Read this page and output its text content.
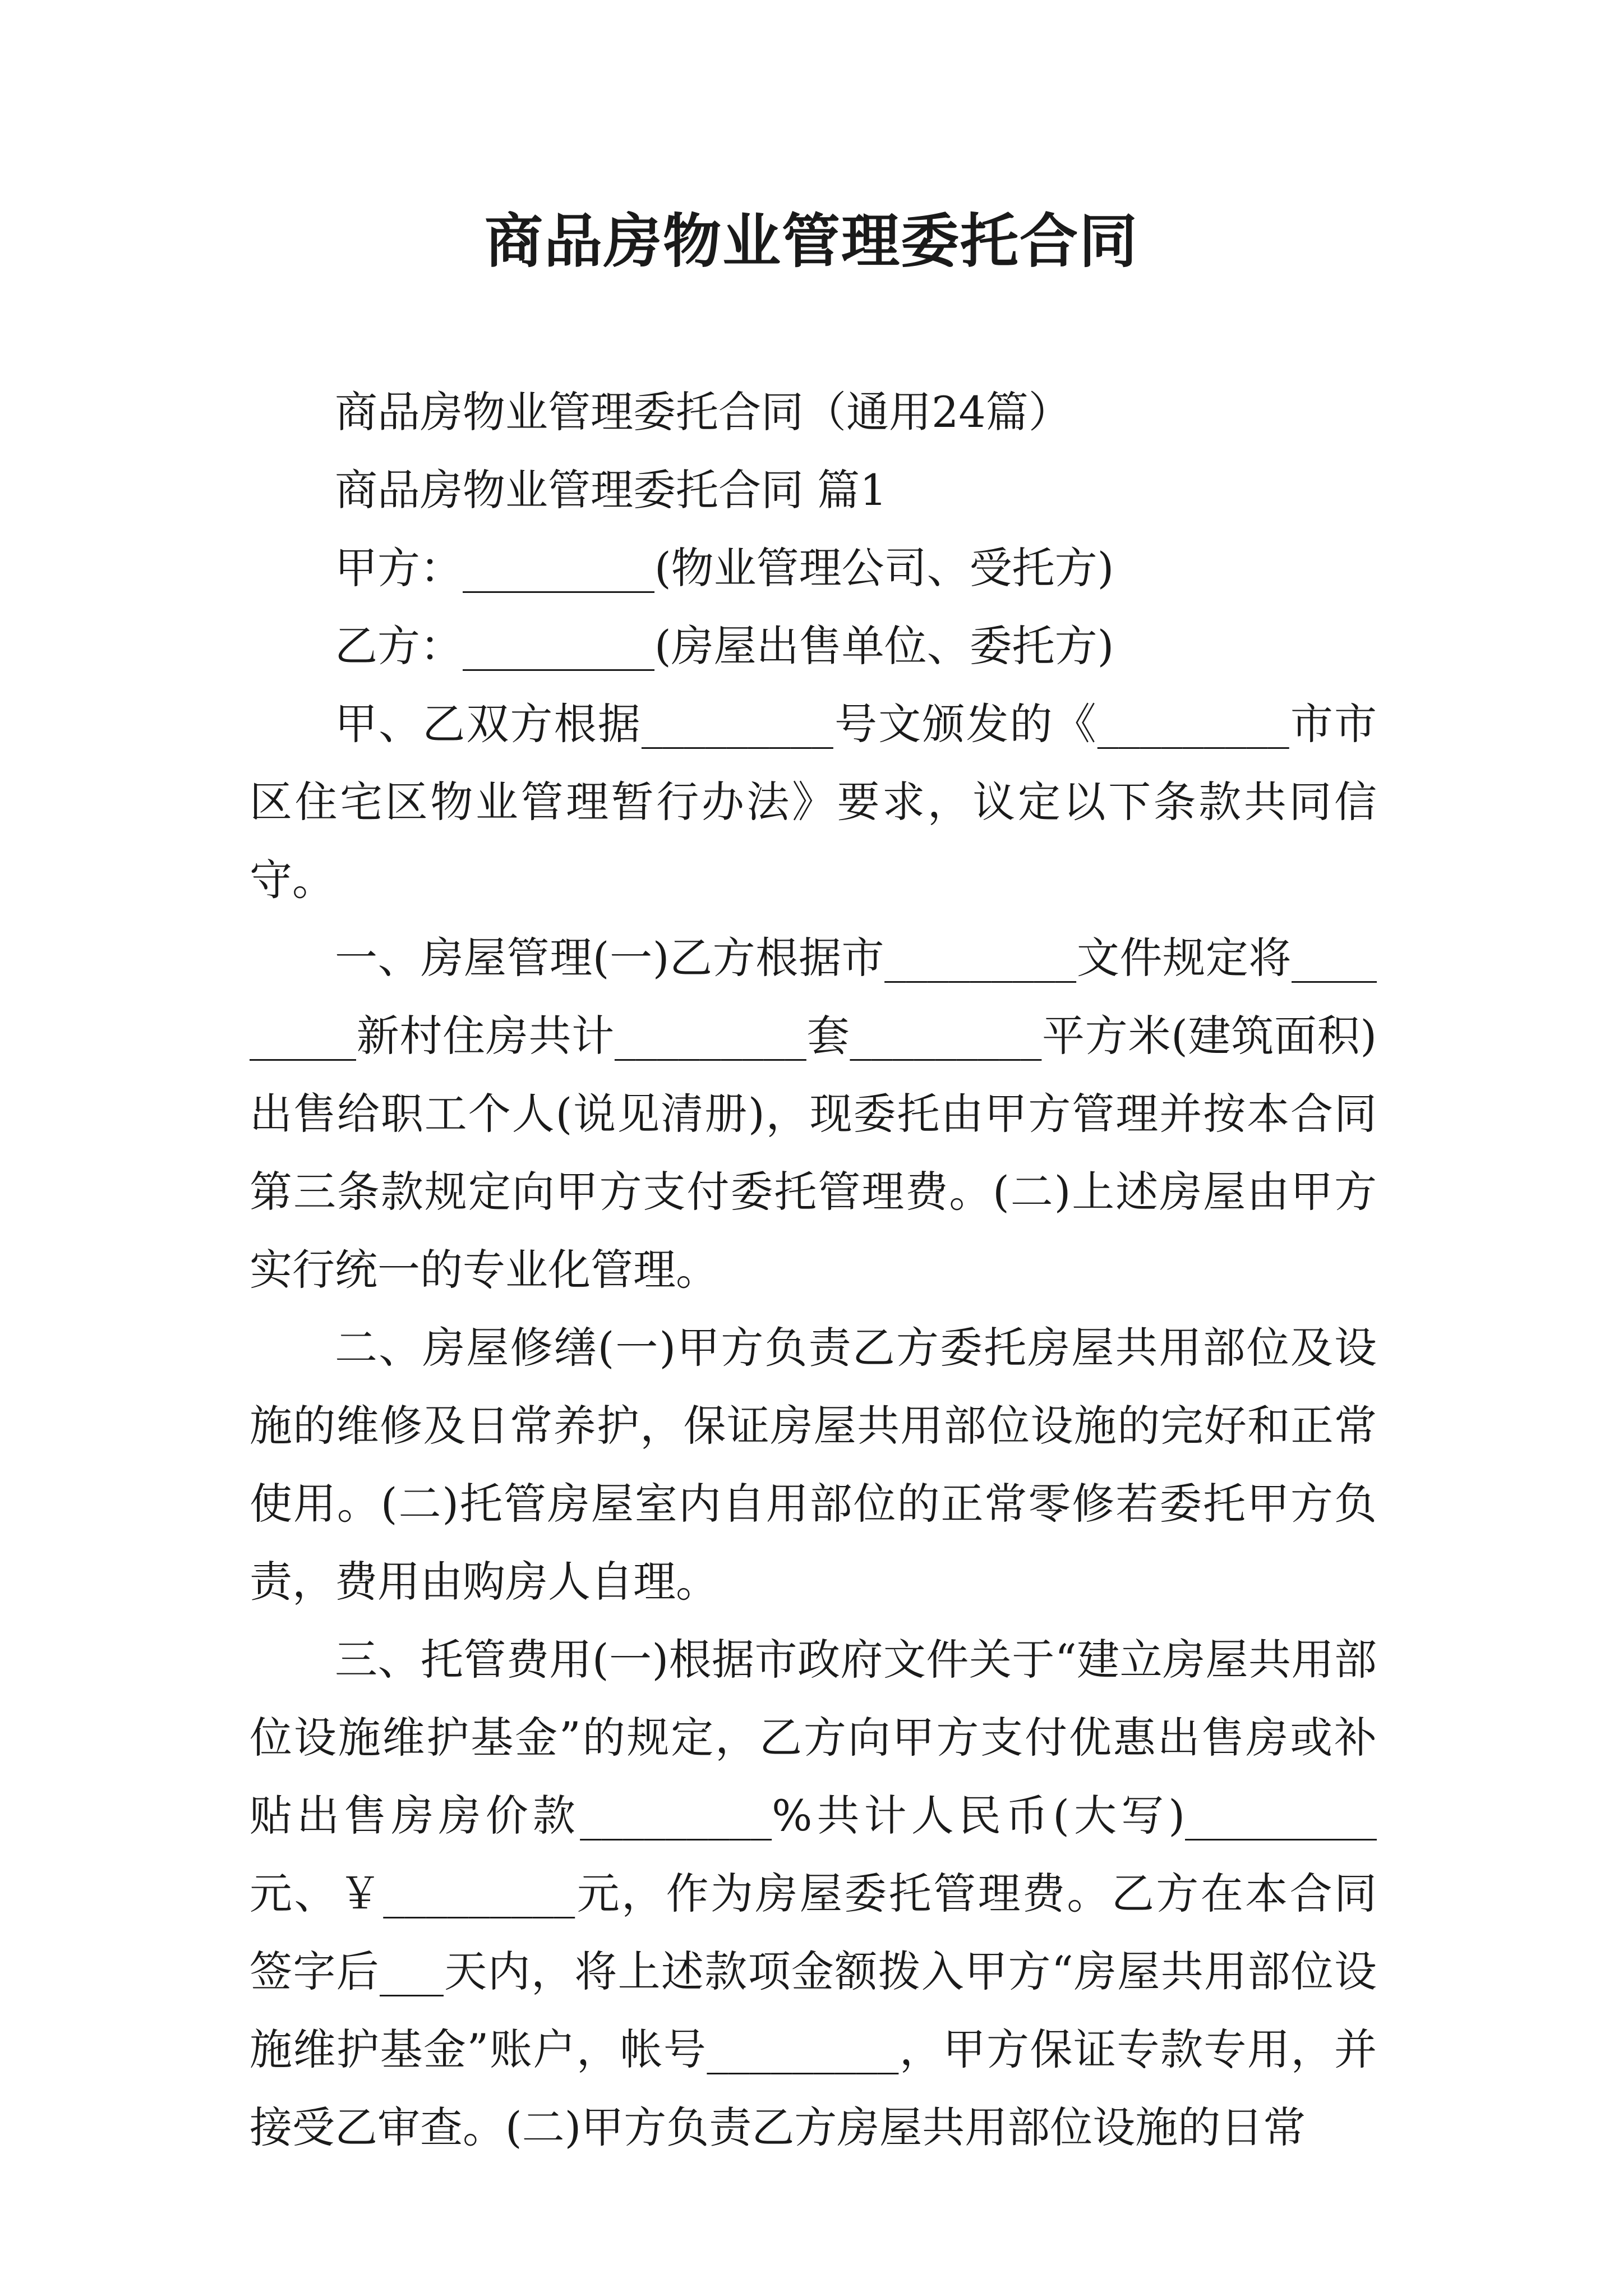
商品房物业管理委托合同

商品房物业管理委托合同（通用24篇）

商品房物业管理委托合同 篇1

甲方：_________(物业管理公司、受托方)

乙方：_________(房屋出售单位、委托方)

甲、乙双方根据_________号文颁发的《_________市市区住宅区物业管理暂行办法》要求，议定以下条款共同信守。

一、房屋管理(一)乙方根据市_________文件规定将_________新村住房共计_________套_________平方米(建筑面积)出售给职工个人(说见清册)，现委托由甲方管理并按本合同第三条款规定向甲方支付委托管理费。(二)上述房屋由甲方实行统一的专业化管理。

二、房屋修缮(一)甲方负责乙方委托房屋共用部位及设施的维修及日常养护，保证房屋共用部位设施的完好和正常使用。(二)托管房屋室内自用部位的正常零修若委托甲方负责，费用由购房人自理。

三、托管费用(一)根据市政府文件关于“建立房屋共用部位设施维护基金”的规定，乙方向甲方支付优惠出售房或补贴出售房房价款_________%共计人民币(大写)_________元、￥_________元，作为房屋委托管理费。乙方在本合同签字后___天内，将上述款项金额拨入甲方“房屋共用部位设施维护基金”账户，帐号_________，甲方保证专款专用，并接受乙审查。(二)甲方负责乙方房屋共用部位设施的日常
